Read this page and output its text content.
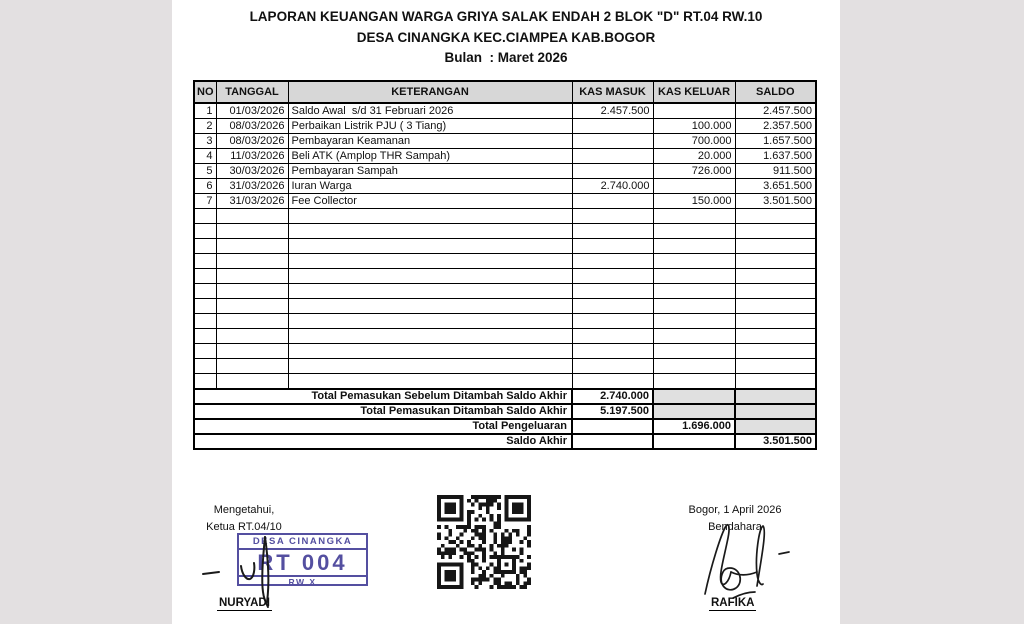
LAPORAN KEUANGAN WARGA GRIYA SALAK ENDAH 2 BLOK "D" RT.04 RW.10
DESA CINANGKA KEC.CIAMPEA KAB.BOGOR
Bulan  : Maret 2026
NO	TANGGAL	KETERANGAN	KAS MASUK	KAS KELUAR	SALDO
1	01/03/2026	Saldo Awal  s/d 31 Februari 2026	2.457.500		2.457.500
2	08/03/2026	Perbaikan Listrik PJU ( 3 Tiang)		100.000	2.357.500
3	08/03/2026	Pembayaran Keamanan		700.000	1.657.500
4	11/03/2026	Beli ATK (Amplop THR Sampah)		20.000	1.637.500
5	30/03/2026	Pembayaran Sampah		726.000	911.500
6	31/03/2026	Iuran Warga	2.740.000		3.651.500
7	31/03/2026	Fee Collector		150.000	3.501.500

Total Pemasukan Sebelum Ditambah Saldo Akhir			2.740.000		
Total Pemasukan Ditambah Saldo Akhir			5.197.500		
Total Pengeluaran				1.696.000	
Saldo Akhir					3.501.500
Mengetahui,
Ketua RT.04/10
DESA CINANGKA
RT 004
RW X
NURYADI
Bogor, 1 April 2026
Bendahara
RAFIKA
